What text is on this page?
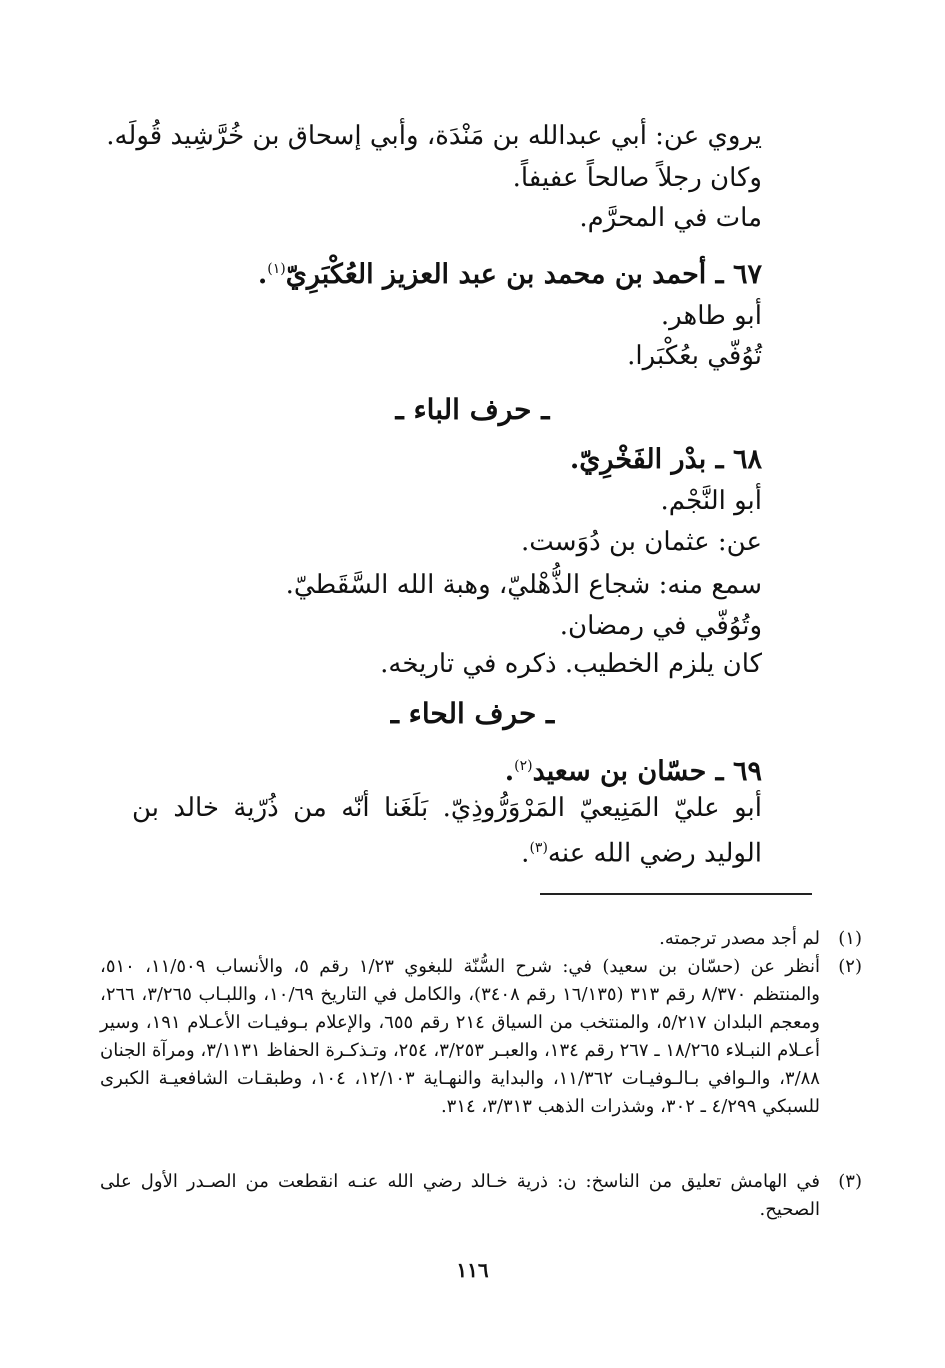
يروي عن: أبي عبدالله بن مَنْدَة، وأبي إسحاق بن خُرَّشِيد قُولَه.
وكان رجلاً صالحاً عفيفاً.
مات في المحرَّم.
٦٧ ـ أحمد بن محمد بن عبد العزيز العُكْبَرِيّ$^{(١)}$.
أبو طاهر.
تُوُفّي بعُكْبَرا.
ـ حرف الباء ـ
٦٨ ـ بدْر الفَخْرِيّ.
أبو النَّجْم.
عن: عثمان بن دُوَست.
سمع منه: شجاع الذُّهْليّ، وهبة الله السَّقَطيّ.
وتُوُفّي في رمضان.
كان يلزم الخطيب. ذكره في تاريخه.
ـ حرف الحاء ـ
٦٩ ـ حسّان بن سعيد$^{(٢)}$.
أبو عليّ المَنِيعيّ المَرْوَرُّوذِيّ. بَلَغَنا أنّه من ذُرّية خالد بن الوليد رضي الله عنه$^{(٣)}$.
(١)
لم أجد مصدر ترجمته.
(٢)
أنظر عن (حسّان بن سعيد) في: شرح السُّنّة للبغوي ١/٢٣ رقم ٥، والأنساب ١١/٥٠٩، ٥١٠، والمنتظم ٨/٣٧٠ رقم ٣١٣ (١٦/١٣٥ رقم ٣٤٠٨)، والكامل في التاريخ ١٠/٦٩، واللبـاب ٣/٢٦٥، ٢٦٦، ومعجم البلدان ٥/٢١٧، والمنتخب من السياق ٢١٤ رقم ٦٥٥، والإعلام بـوفيـات الأعـلام ١٩١، وسير أعـلام النبـلاء ١٨/٢٦٥ ـ ٢٦٧ رقم ١٣٤، والعبـر ٣/٢٥٣، ٢٥٤، وتـذكـرة الحفاظ ٣/١١٣١، ومرآة الجنان ٣/٨٨، والـوافي بـالـوفيـات ١١/٣٦٢، والبداية والنهـاية ١٢/١٠٣، ١٠٤، وطبقـات الشافعيـة الكبرى للسبكي ٤/٢٩٩ ـ ٣٠٢، وشذرات الذهب ٣/٣١٣، ٣١٤.
(٣)
في الهامش تعليق من الناسخ: ن: ذرية خـالد رضي الله عنـه انقطعت من الصـدر الأول على الصحيح.
١١٦
